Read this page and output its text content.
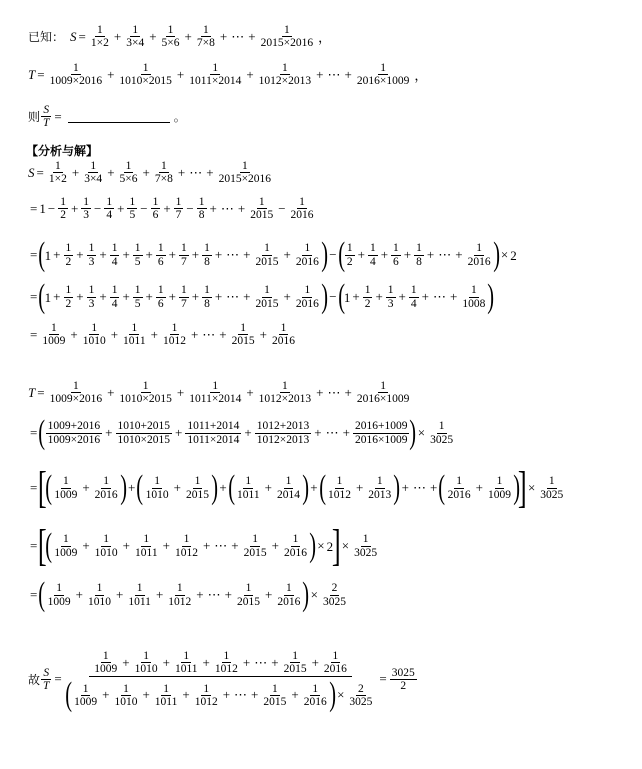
已知： $S = \frac{1}{1\times 2} + \frac{1}{3\times 4} + \frac{1}{5\times 6} + \frac{1}{7\times 8}$ + ⋯ + $\frac{1}{2015\times 2016}$ ，
$T = \frac{1}{1009\times 2016} + \frac{1}{1010\times 2015} + \frac{1}{1011\times 2014} + \frac{1}{1012\times 2013}$ + ⋯ + $\frac{1}{2016\times 1009}$ ，
则 $\frac{S}{T}$ =	。
【分析与解】
$S = \frac{1}{1\times 2} + \frac{1}{3\times 4} + \frac{1}{5\times 6} + \frac{1}{7\times 8}$ + ⋯ + $\frac{1}{2015\times 2016}$
= $1 - \frac{1}{2} + \frac{1}{3} - \frac{1}{4} + \frac{1}{5} - \frac{1}{6} + \frac{1}{7} - \frac{1}{8}$ + ⋯ + $\frac{1}{2015} - \frac{1}{2016}$
= ( $1 + \frac{1}{2} + \frac{1}{3} + \frac{1}{4} + \frac{1}{5} + \frac{1}{6} + \frac{1}{7} + \frac{1}{8}$ + ⋯ + $\frac{1}{2015} + \frac{1}{2016}$ ) − ( 1
$2 + \frac{1}{4} + \frac{1}{6} + \frac{1}{8}$ + ⋯ + $\frac{1}{2016}$ ) × 2
= ( $1 + \frac{1}{2} + \frac{1}{3} + \frac{1}{4} + \frac{1}{5} + \frac{1}{6} + \frac{1}{7} + \frac{1}{8}$ + ⋯ + $\frac{1}{2015} + \frac{1}{2016}$ ) − ( $1 + \frac{1}{2} + \frac{1}{3} + \frac{1}{4}$ + ⋯ + $\frac{1}{1008}$ )
= $\frac{1}{1009} + \frac{1}{1010} + \frac{1}{1011} + \frac{1}{1012}$ + ⋯ + $\frac{1}{2015} + \frac{1}{2016}$
$T = \frac{1}{1009\times 2016} + \frac{1}{1010\times 2015} + \frac{1}{1011\times 2014} + \frac{1}{1012\times 2013}$ + ⋯ + $\frac{1}{2016\times 1009}$
= ( 1009+2016
$1009\times 2016 + \frac{1010+2015}{1010\times 2015} + \frac{1011+2014}{1011\times 2014} + \frac{1012+2013}{1012\times 2013}$ + ⋯ + $\frac{2016+1009}{2016\times 1009}$ ) × $\frac{1}{3025}$
= [
( 1
$1009 + \frac{1}{2016}$ ) + ( 1
$1010 + \frac{1}{2015}$ ) + ( 1
$1011 + \frac{1}{2014}$ ) + ( 1
$1012 + \frac{1}{2013}$ ) + ⋯ + ( 1
$2016 + \frac{1}{1009}$ )
] × $\frac{1}{3025}$
= [
( 1
$1009 + \frac{1}{1010} + \frac{1}{1011} + \frac{1}{1012}$ + ⋯ + $\frac{1}{2015} + \frac{1}{2016}$ ) × 2
] × $\frac{1}{3025}$
= ( 1
$1009 + \frac{1}{1010} + \frac{1}{1011} + \frac{1}{1012}$ + ⋯ + $\frac{1}{2015} + \frac{1}{2016}$ ) × $\frac{2}{3025}$
故 $\frac{S}{T}$ =
1
$1009 + \frac{1}{1010} + \frac{1}{1011} + \frac{1}{1012}$ + ⋯ + $\frac{1}{2015} + \frac{1}{2016}$
( 1
$1009 + \frac{1}{1010} + \frac{1}{1011} + \frac{1}{1012}$ + ⋯ + $\frac{1}{2015} + \frac{1}{2016}$ ) × $\frac{2}{3025}$
= $\frac{3025}{2}$
